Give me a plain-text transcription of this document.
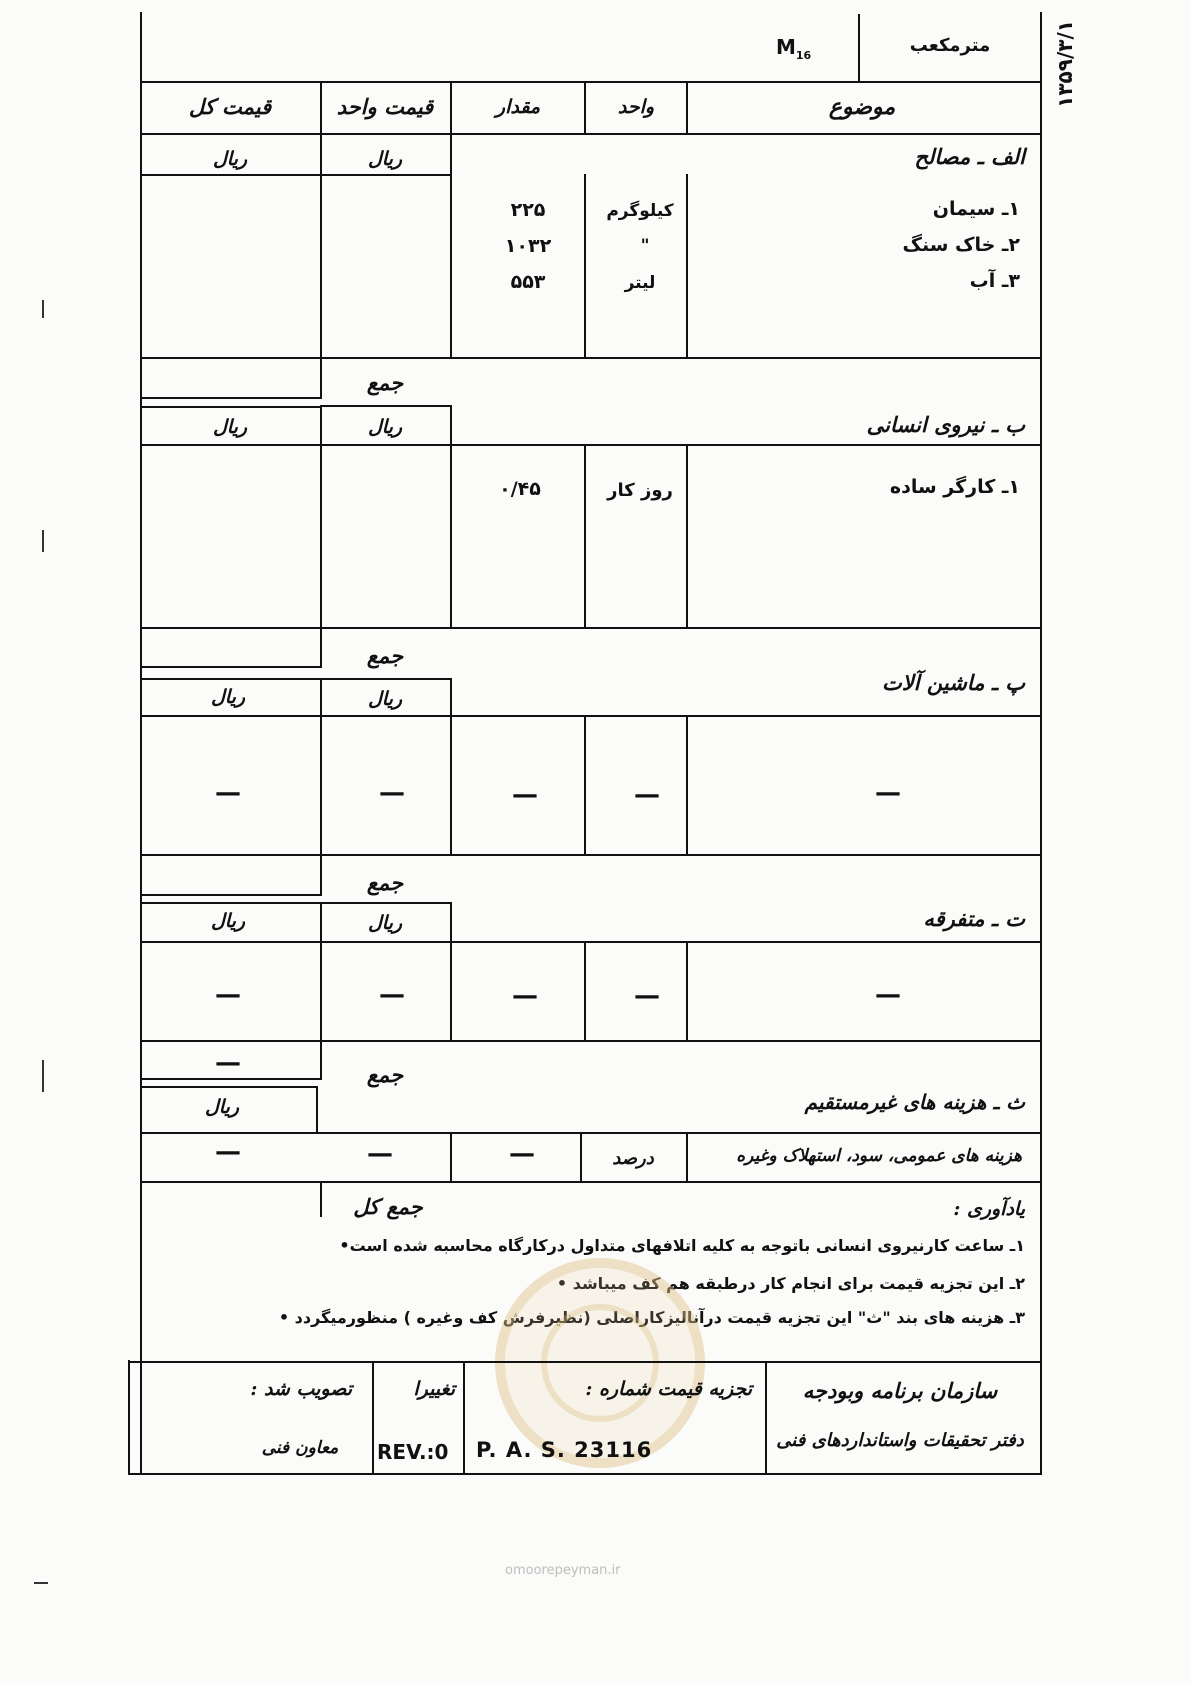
۱۳۵۹/۳/۱
مترمکعب
$M_{16}$
موضوع
واحد
مقدار
قیمت واحد
قیمت کل
الف ـ مصالح
ریال
ریال
۱ـ سیمان
۲ـ خاک سنگ
۳ـ آب
کیلوگرم
"
لیتر
۲۲۵
۱۰۳۲
۵۵۳
جمع
ب ـ نیروی انسانی
ریال
ریال
۱ـ کارگر ساده
روز کار
۰/۴۵
جمع
پ ـ ماشین آلات
ریال
ریال
—
—
—
—
—
جمع
ت ـ متفرقه
ریال
ریال
—
—
—
—
—
—	جمع
ث ـ هزینه های غیرمستقیم
ریال
هزینه های عمومی، سود، استهلاک وغیره
درصد
—
—
—
جمع کل	یادآوری :
۱ـ ساعت کارنیروی انسانی باتوجه به کلیه اتلافهای متداول درکارگاه محاسبه شده است•
۲ـ این تجزیه قیمت برای انجام کار درطبقه هم کف میباشد •
۳ـ هزینه های بند "ث" این تجزیه قیمت درآنالیزکاراصلی (نظیرفرش کف وغیره ) منظورمیگردد •
سازمان برنامه وبودجه
دفتر تحقیقات واستانداردهای فنی
تجزیه قیمت شماره :
P. A. S. 23116
تغییرا
REV.:0
تصویب شد :
معاون فنی
omoorepeyman.ir
